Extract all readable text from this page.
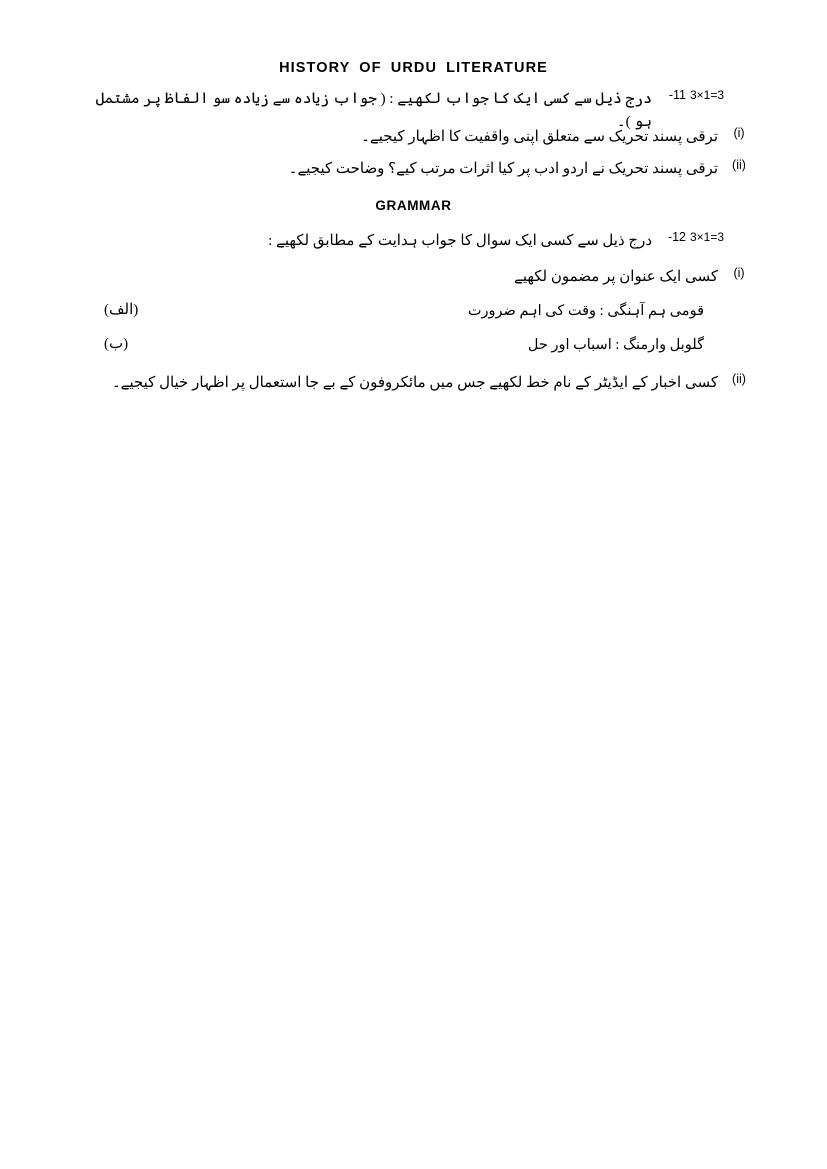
HISTORY OF URDU LITERATURE
3×1=3
-11
درج ذیل سے کسی ایک کا جواب لکھیے : ( جواب زیادہ سے زیادہ سو الفاظ پر مشتمل ہو )۔
(i)
ترقی پسند تحریک سے متعلق اپنی واقفیت کا اظہار کیجیے۔
(ii)
ترقی پسند تحریک نے اردو ادب پر کیا اثرات مرتب کیے؟ وضاحت کیجیے۔
GRAMMAR
3×1=3
-12
درج ذیل سے کسی ایک سوال کا جواب ہدایت کے مطابق لکھیے :
(i)
کسی ایک عنوان پر مضمون لکھیے
قومی ہم آہنگی : وقت کی اہم ضرورت
(الف)
گلوبل وارمنگ : اسباب اور حل
(ب)
(ii)
کسی اخبار کے ایڈیٹر کے نام خط لکھیے جس میں مائکروفون کے بے جا استعمال پر اظہار خیال کیجیے۔
